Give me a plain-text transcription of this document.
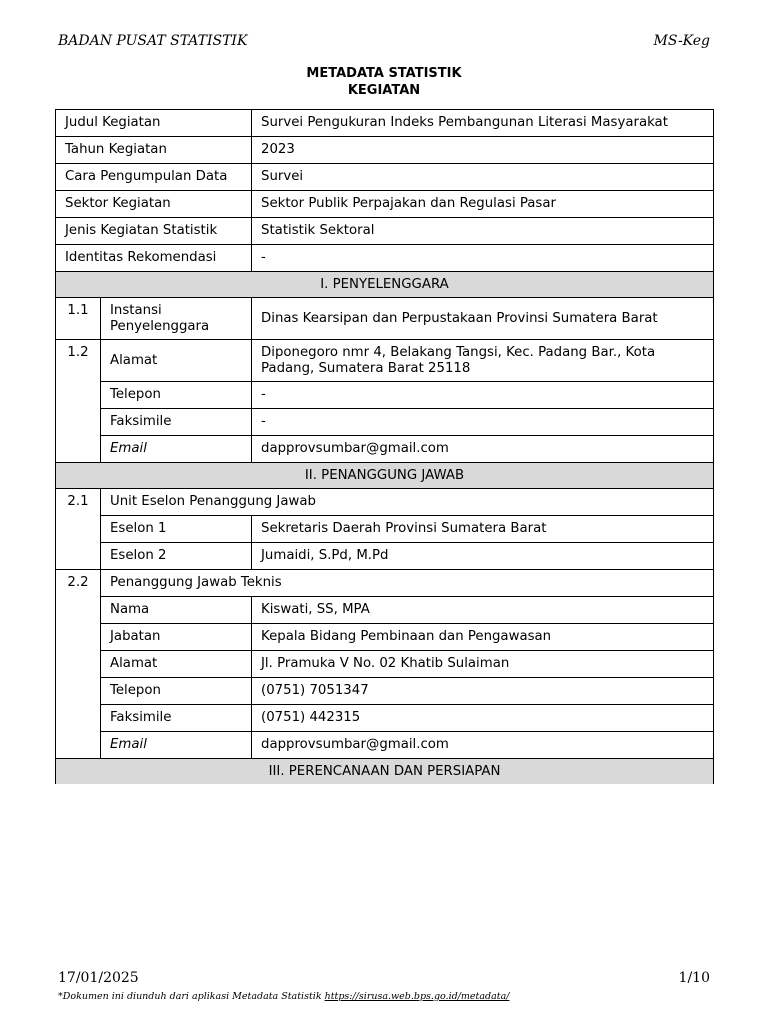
BADAN PUSAT STATISTIK	MS-Keg
METADATA STATISTIK
KEGIATAN
Judul Kegiatan		Survei Pengukuran Indeks Pembangunan Literasi Masyarakat
Tahun Kegiatan		2023
Cara Pengumpulan Data		Survei
Sektor Kegiatan		Sektor Publik Perpajakan dan Regulasi Pasar
Jenis Kegiatan Statistik		Statistik Sektoral
Identitas Rekomendasi		-
I. PENYELENGGARA		
1.1	Instansi Penyelenggara	Dinas Kearsipan dan Perpustakaan Provinsi Sumatera Barat
1.2	Alamat	Diponegoro nmr 4, Belakang Tangsi, Kec. Padang Bar., Kota Padang, Sumatera Barat 25118
	Telepon	-
	Faksimile	-
	Email	dapprovsumbar@gmail.com
II. PENANGGUNG JAWAB		
2.1	Unit Eselon Penanggung Jawab	
	Eselon 1	Sekretaris Daerah Provinsi Sumatera Barat
	Eselon 2	Jumaidi, S.Pd, M.Pd
2.2	Penanggung Jawab Teknis	
	Nama	Kiswati, SS, MPA
	Jabatan	Kepala Bidang Pembinaan dan Pengawasan
	Alamat	Jl. Pramuka V No. 02 Khatib Sulaiman
	Telepon	(0751) 7051347
	Faksimile	(0751) 442315
	Email	dapprovsumbar@gmail.com
III. PERENCANAAN DAN PERSIAPAN		
17/01/2025	1/10
*Dokumen ini diunduh dari aplikasi Metadata Statistik https://sirusa.web.bps.go.id/metadata/
